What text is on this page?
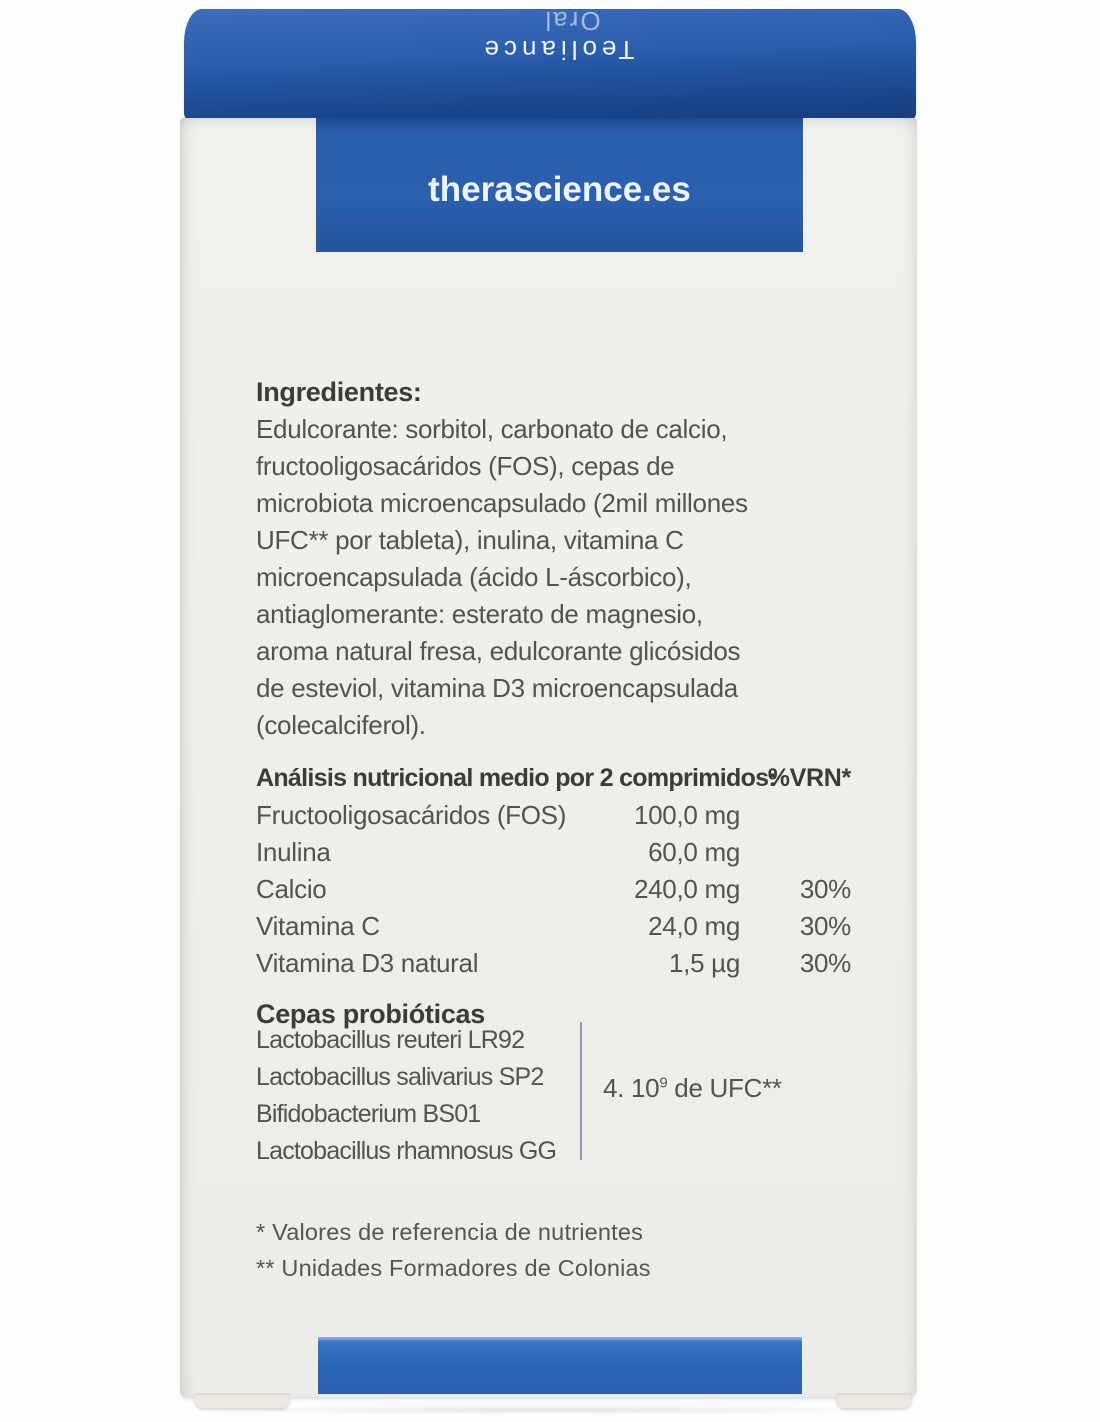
Oral
Teoliance
therascience.es
Ingredientes:
Edulcorante: sorbitol, carbonato de calcio,
fructooligosacáridos (FOS), cepas de
microbiota microencapsulado (2mil millones
UFC** por tableta), inulina, vitamina C
microencapsulada (ácido L-áscorbico),
antiaglomerante: esterato de magnesio,
aroma natural fresa, edulcorante glicósidos
de esteviol, vitamina D3 microencapsulada
(colecalciferol).
Análisis nutricional medio por 2 comprimidos:
%VRN*
Fructooligosacáridos (FOS)	100,0 mg
Inulina	60,0 mg
Calcio	240,0 mg 30%
Vitamina C	24,0 mg 30%
Vitamina D3 natural	1,5 µg 30%
Cepas probióticas
Lactobacillus reuteri LR92
Lactobacillus salivarius SP2
Bifidobacterium BS01
Lactobacillus rhamnosus GG
4. $10^9$ de UFC**
* Valores de referencia de nutrientes
** Unidades Formadores de Colonias
